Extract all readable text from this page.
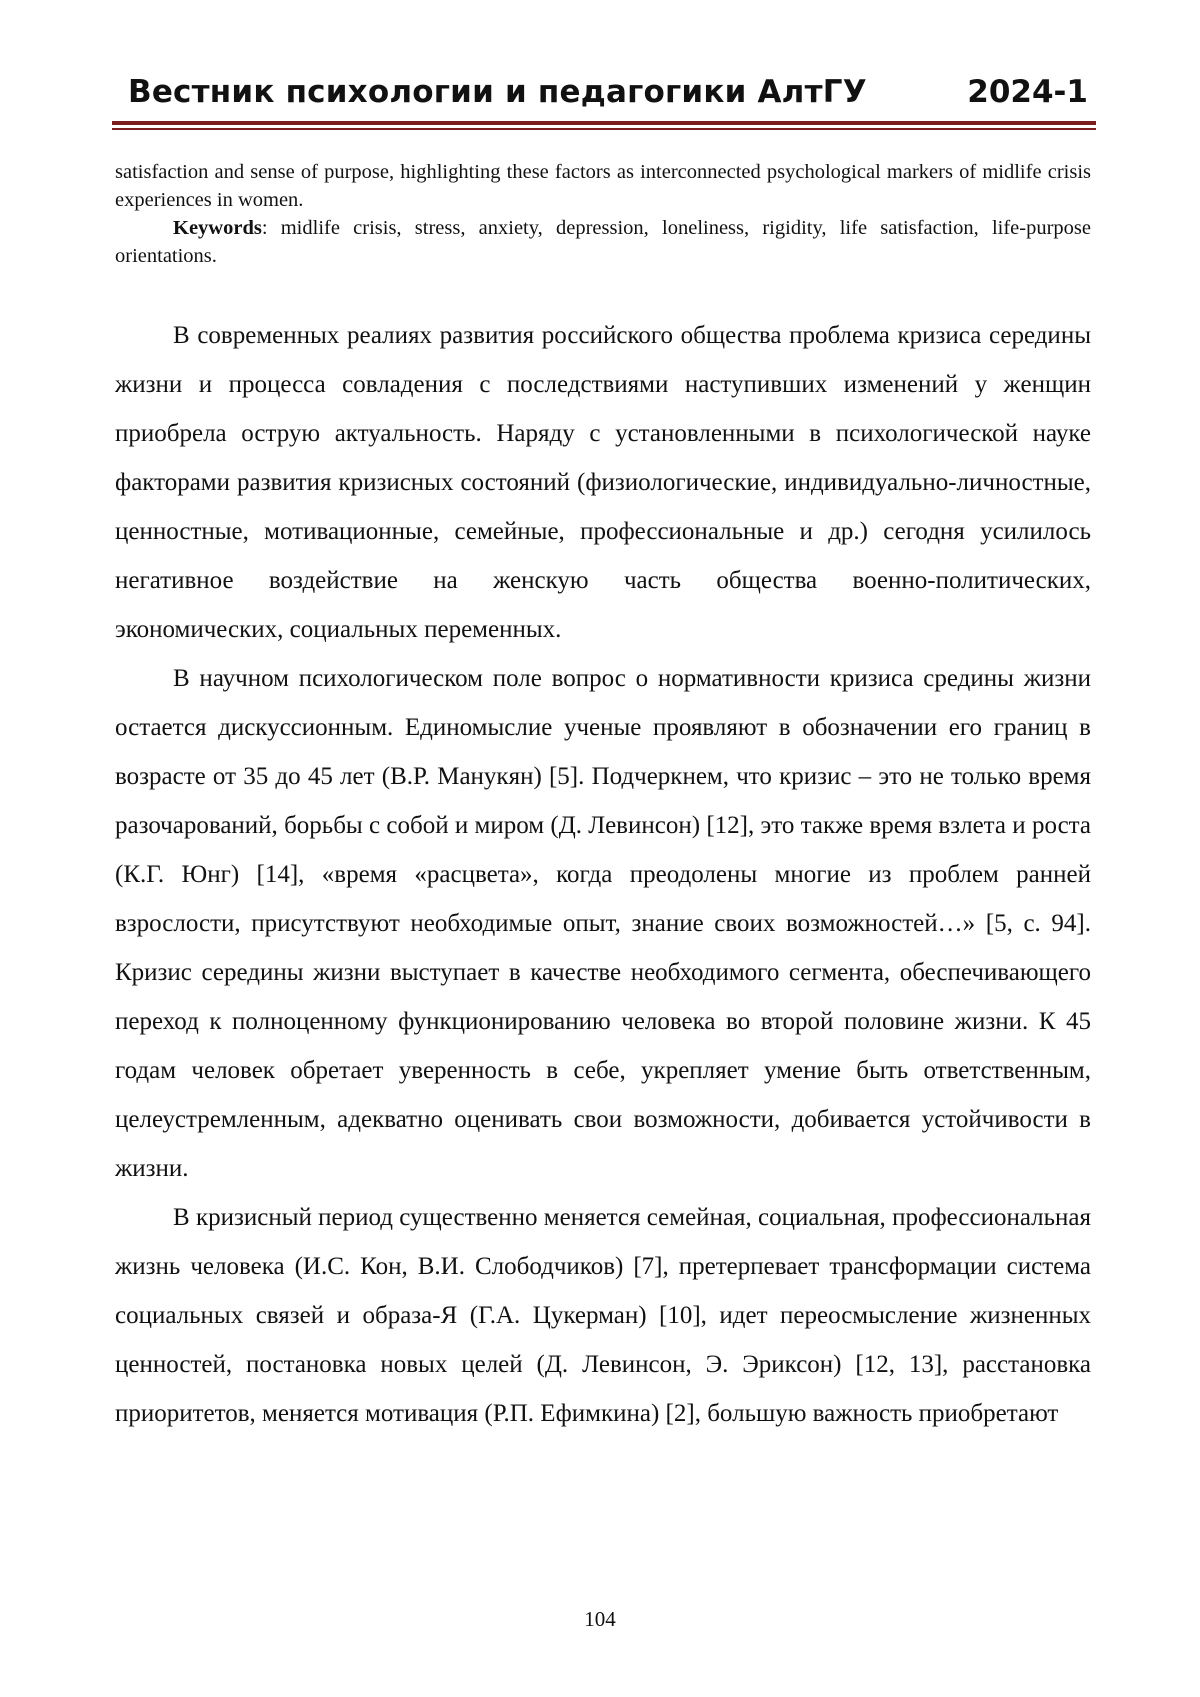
Вестник психологии и педагогики АлтГУ	2024-1

satisfaction and sense of purpose, highlighting these factors as interconnected psychological markers of midlife crisis experiences in women.

Keywords: midlife crisis, stress, anxiety, depression, loneliness, rigidity, life satisfaction, life-purpose orientations.

В современных реалиях развития российского общества проблема кризиса середины жизни и процесса совладения с последствиями наступивших изменений у женщин приобрела острую актуальность. Наряду с установленными в психологической науке факторами развития кризисных состояний (физиологические, индивидуально-личностные, ценностные, мотивационные, семейные, профессиональные и др.) сегодня усилилось негативное воздействие на женскую часть общества военно-политических, экономических, социальных переменных.

В научном психологическом поле вопрос о нормативности кризиса средины жизни остается дискуссионным. Единомыслие ученые проявляют в обозначении его границ в возрасте от 35 до 45 лет (В.Р. Манукян) [5]. Подчеркнем, что кризис – это не только время разочарований, борьбы с собой и миром (Д. Левинсон) [12], это также время взлета и роста (К.Г. Юнг) [14], «время «расцвета», когда преодолены многие из проблем ранней взрослости, присутствуют необходимые опыт, знание своих возможностей…» [5, с. 94]. Кризис середины жизни выступает в качестве необходимого сегмента, обеспечивающего переход к полноценному функционированию человека во второй половине жизни. К 45 годам человек обретает уверенность в себе, укрепляет умение быть ответственным, целеустремленным, адекватно оценивать свои возможности, добивается устойчивости в жизни.

В кризисный период существенно меняется семейная, социальная, профессиональная жизнь человека (И.С. Кон, В.И. Слободчиков) [7], претерпевает трансформации система социальных связей и образа-Я (Г.А. Цукерман) [10], идет переосмысление жизненных ценностей, постановка новых целей (Д. Левинсон, Э. Эриксон) [12, 13], расстановка приоритетов, меняется мотивация (Р.П. Ефимкина) [2], большую важность приобретают

104
